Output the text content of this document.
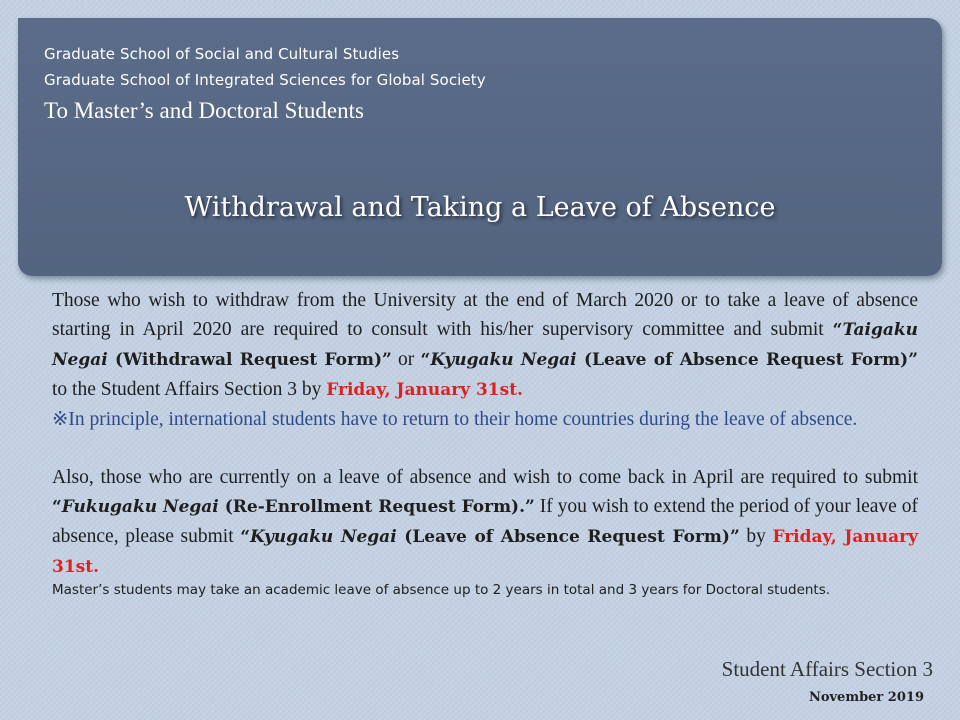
Graduate School of Social and Cultural Studies
Graduate School of Integrated Sciences for Global Society
To Master’s and Doctoral Students
Withdrawal and Taking a Leave of Absence

Those who wish to withdraw from the University at the end of March 2020 or to take a leave of absence starting in April 2020 are required to consult with his/her supervisory committee and submit “Taigaku Negai (Withdrawal Request Form)” or “Kyugaku Negai (Leave of Absence Request Form)” to the Student Affairs Section 3 by Friday, January 31st.

※In principle, international students have to return to their home countries during the leave of absence.

Also, those who are currently on a leave of absence and wish to come back in April are required to submit “Fukugaku Negai (Re-Enrollment Request Form).” If you wish to extend the period of your leave of absence, please submit “Kyugaku Negai (Leave of Absence Request Form)” by Friday, January 31st.

Master’s students may take an academic leave of absence up to 2 years in total and 3 years for Doctoral students.

Student Affairs Section 3
November 2019
